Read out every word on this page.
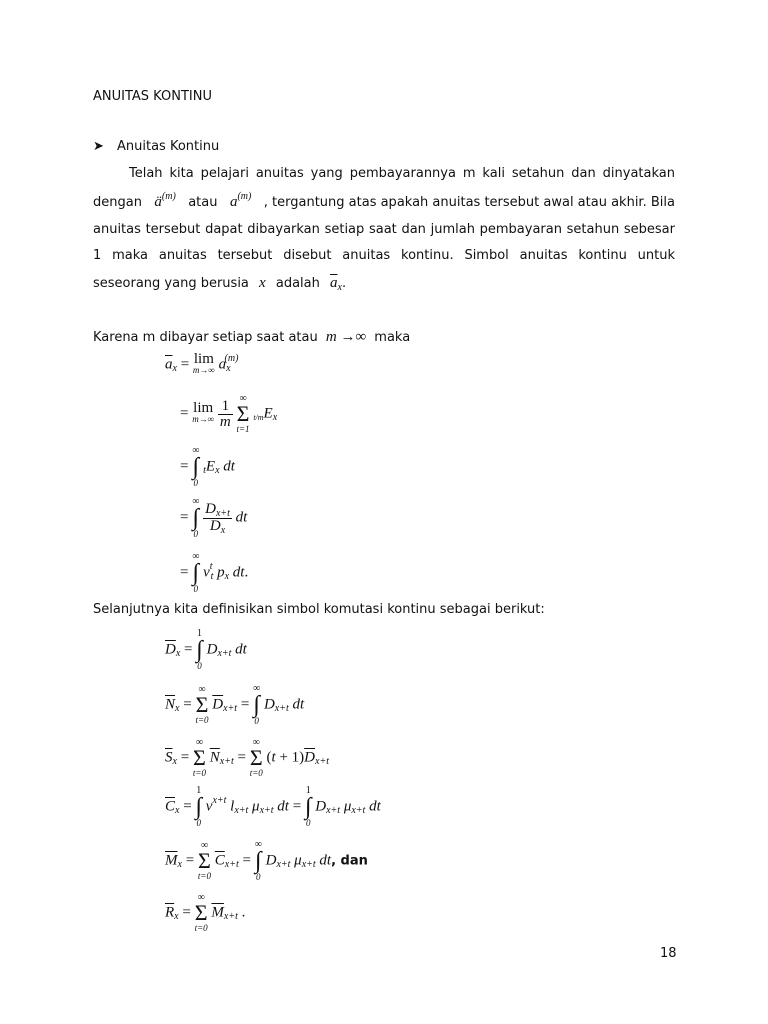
ANUITAS KONTINU
➤ Anuitas Kontinu
Telah kita pelajari anuitas yang pembayarannya m kali setahun dan dinyatakan
dengan $ä^{(m)}$ atau $a^{(m)}$ , tergantung atas apakah anuitas tersebut awal atau akhir. Bila
anuitas tersebut dapat dibayarkan setiap saat dan jumlah pembayaran setahun sebesar
1 maka anuitas tersebut disebut anuitas kontinu. Simbol anuitas kontinu untuk
seseorang yang berusia x adalah $\overline{a}_x$.
Karena m dibayar setiap saat atau m →∞ maka
$\overline{a}_x = \lim$
m→∞ $a_x^{(m)}$
= lim
m→∞
$\frac{1}{m}$
∞
Σ
t=1
$_{t/m}E_x$
=
∞
∫
0
$_tE_x$ dt
=
∞
∫
0
$\frac{D_{x+t}}{D_x}$ dt
=
∞
∫
0
$v^t_t$ $p_x$ dt.
Selanjutnya kita definisikan simbol komutasi kontinu sebagai berikut:
$\overline{D}_x$ =
1
∫
0
$D_{x+t}$ dt
$\overline{N}_x$ =
∞
Σ
t=0
$\overline{D}_{x+t}$ =
∞
∫
0
$D_{x+t}$ dt
$\overline{S}_x$ =
∞
Σ
t=0
$\overline{N}_{x+t}$ =
∞
Σ
t=0
$(t + 1)\overline{D}_{x+t}$
$\overline{C}_x$ =
1
∫
0
$v^{x+t}$ $l_{x+t}$ $\mu_{x+t}$ dt =
1
∫
0
$D_{x+t}$ $\mu_{x+t}$ dt
$\overline{M}_x$ =
∞
Σ
t=0
$\overline{C}_{x+t}$ =
∞
∫
0
$D_{x+t}$ $\mu_{x+t}$ dt, dan
$\overline{R}_x$ =
∞
Σ
t=0
$\overline{M}_{x+t}$ .
18
